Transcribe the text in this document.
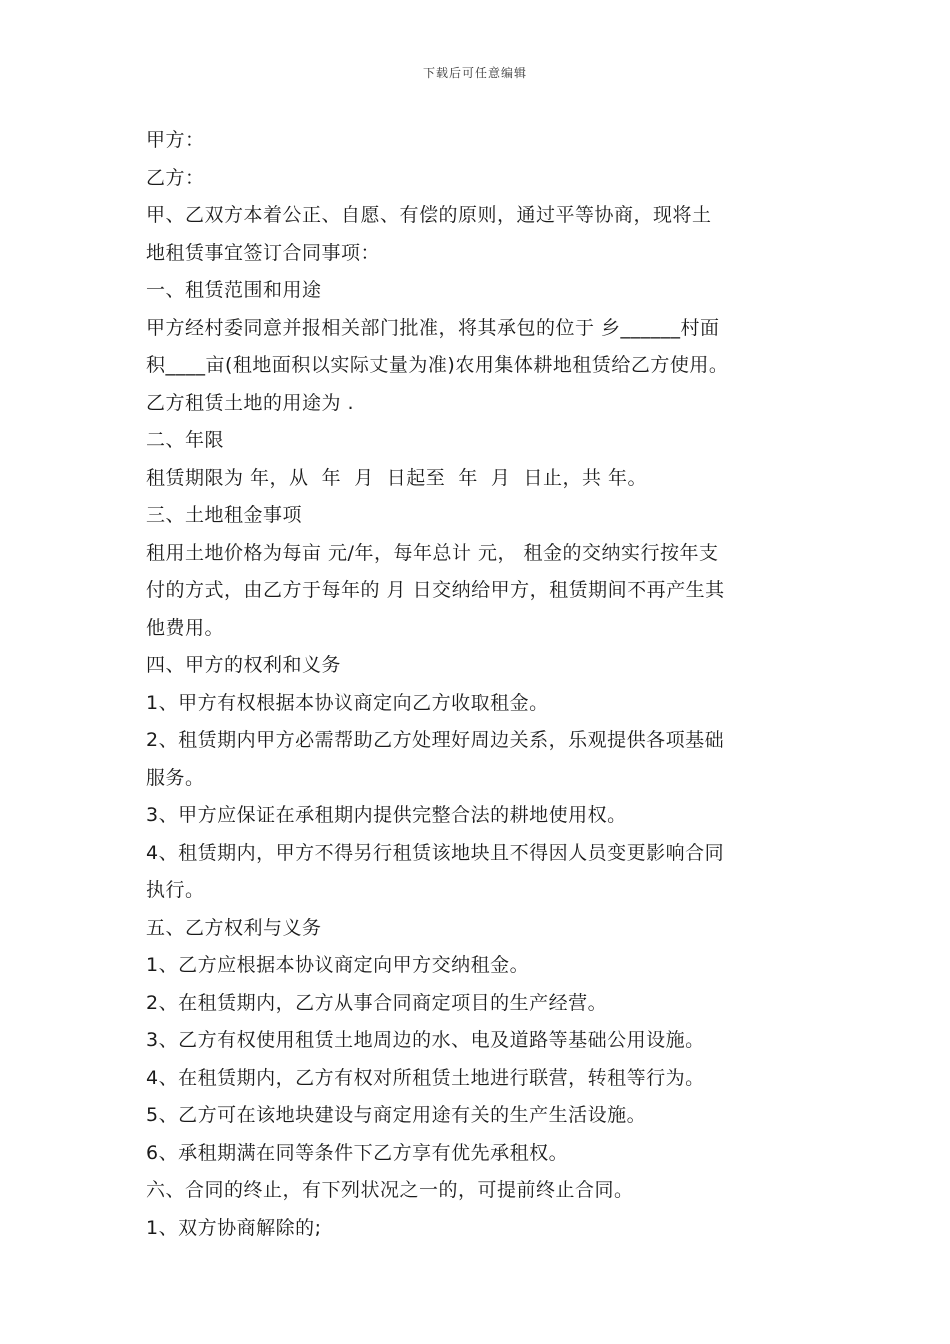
下载后可任意编辑

甲方：

乙方：

甲、乙双方本着公正、自愿、有偿的原则，通过平等协商，现将土

地租赁事宜签订合同事项：

一、租赁范围和用途

甲方经村委同意并报相关部门批准，将其承包的位于 乡______村面

积____亩(租地面积以实际丈量为准)农用集体耕地租赁给乙方使用。

乙方租赁土地的用途为 .

二、年限

租赁期限为 年，从  年  月  日起至  年  月  日止，共 年。

三、土地租金事项

租用土地价格为每亩 元/年，每年总计 元， 租金的交纳实行按年支

付的方式，由乙方于每年的 月 日交纳给甲方，租赁期间不再产生其

他费用。

四、甲方的权利和义务

1、甲方有权根据本协议商定向乙方收取租金。

2、租赁期内甲方必需帮助乙方处理好周边关系，乐观提供各项基础

服务。

3、甲方应保证在承租期内提供完整合法的耕地使用权。

4、租赁期内，甲方不得另行租赁该地块且不得因人员变更影响合同

执行。

五、乙方权利与义务

1、乙方应根据本协议商定向甲方交纳租金。

2、在租赁期内，乙方从事合同商定项目的生产经营。

3、乙方有权使用租赁土地周边的水、电及道路等基础公用设施。

4、在租赁期内，乙方有权对所租赁土地进行联营，转租等行为。

5、乙方可在该地块建设与商定用途有关的生产生活设施。

6、承租期满在同等条件下乙方享有优先承租权。

六、合同的终止，有下列状况之一的，可提前终止合同。

1、双方协商解除的;
